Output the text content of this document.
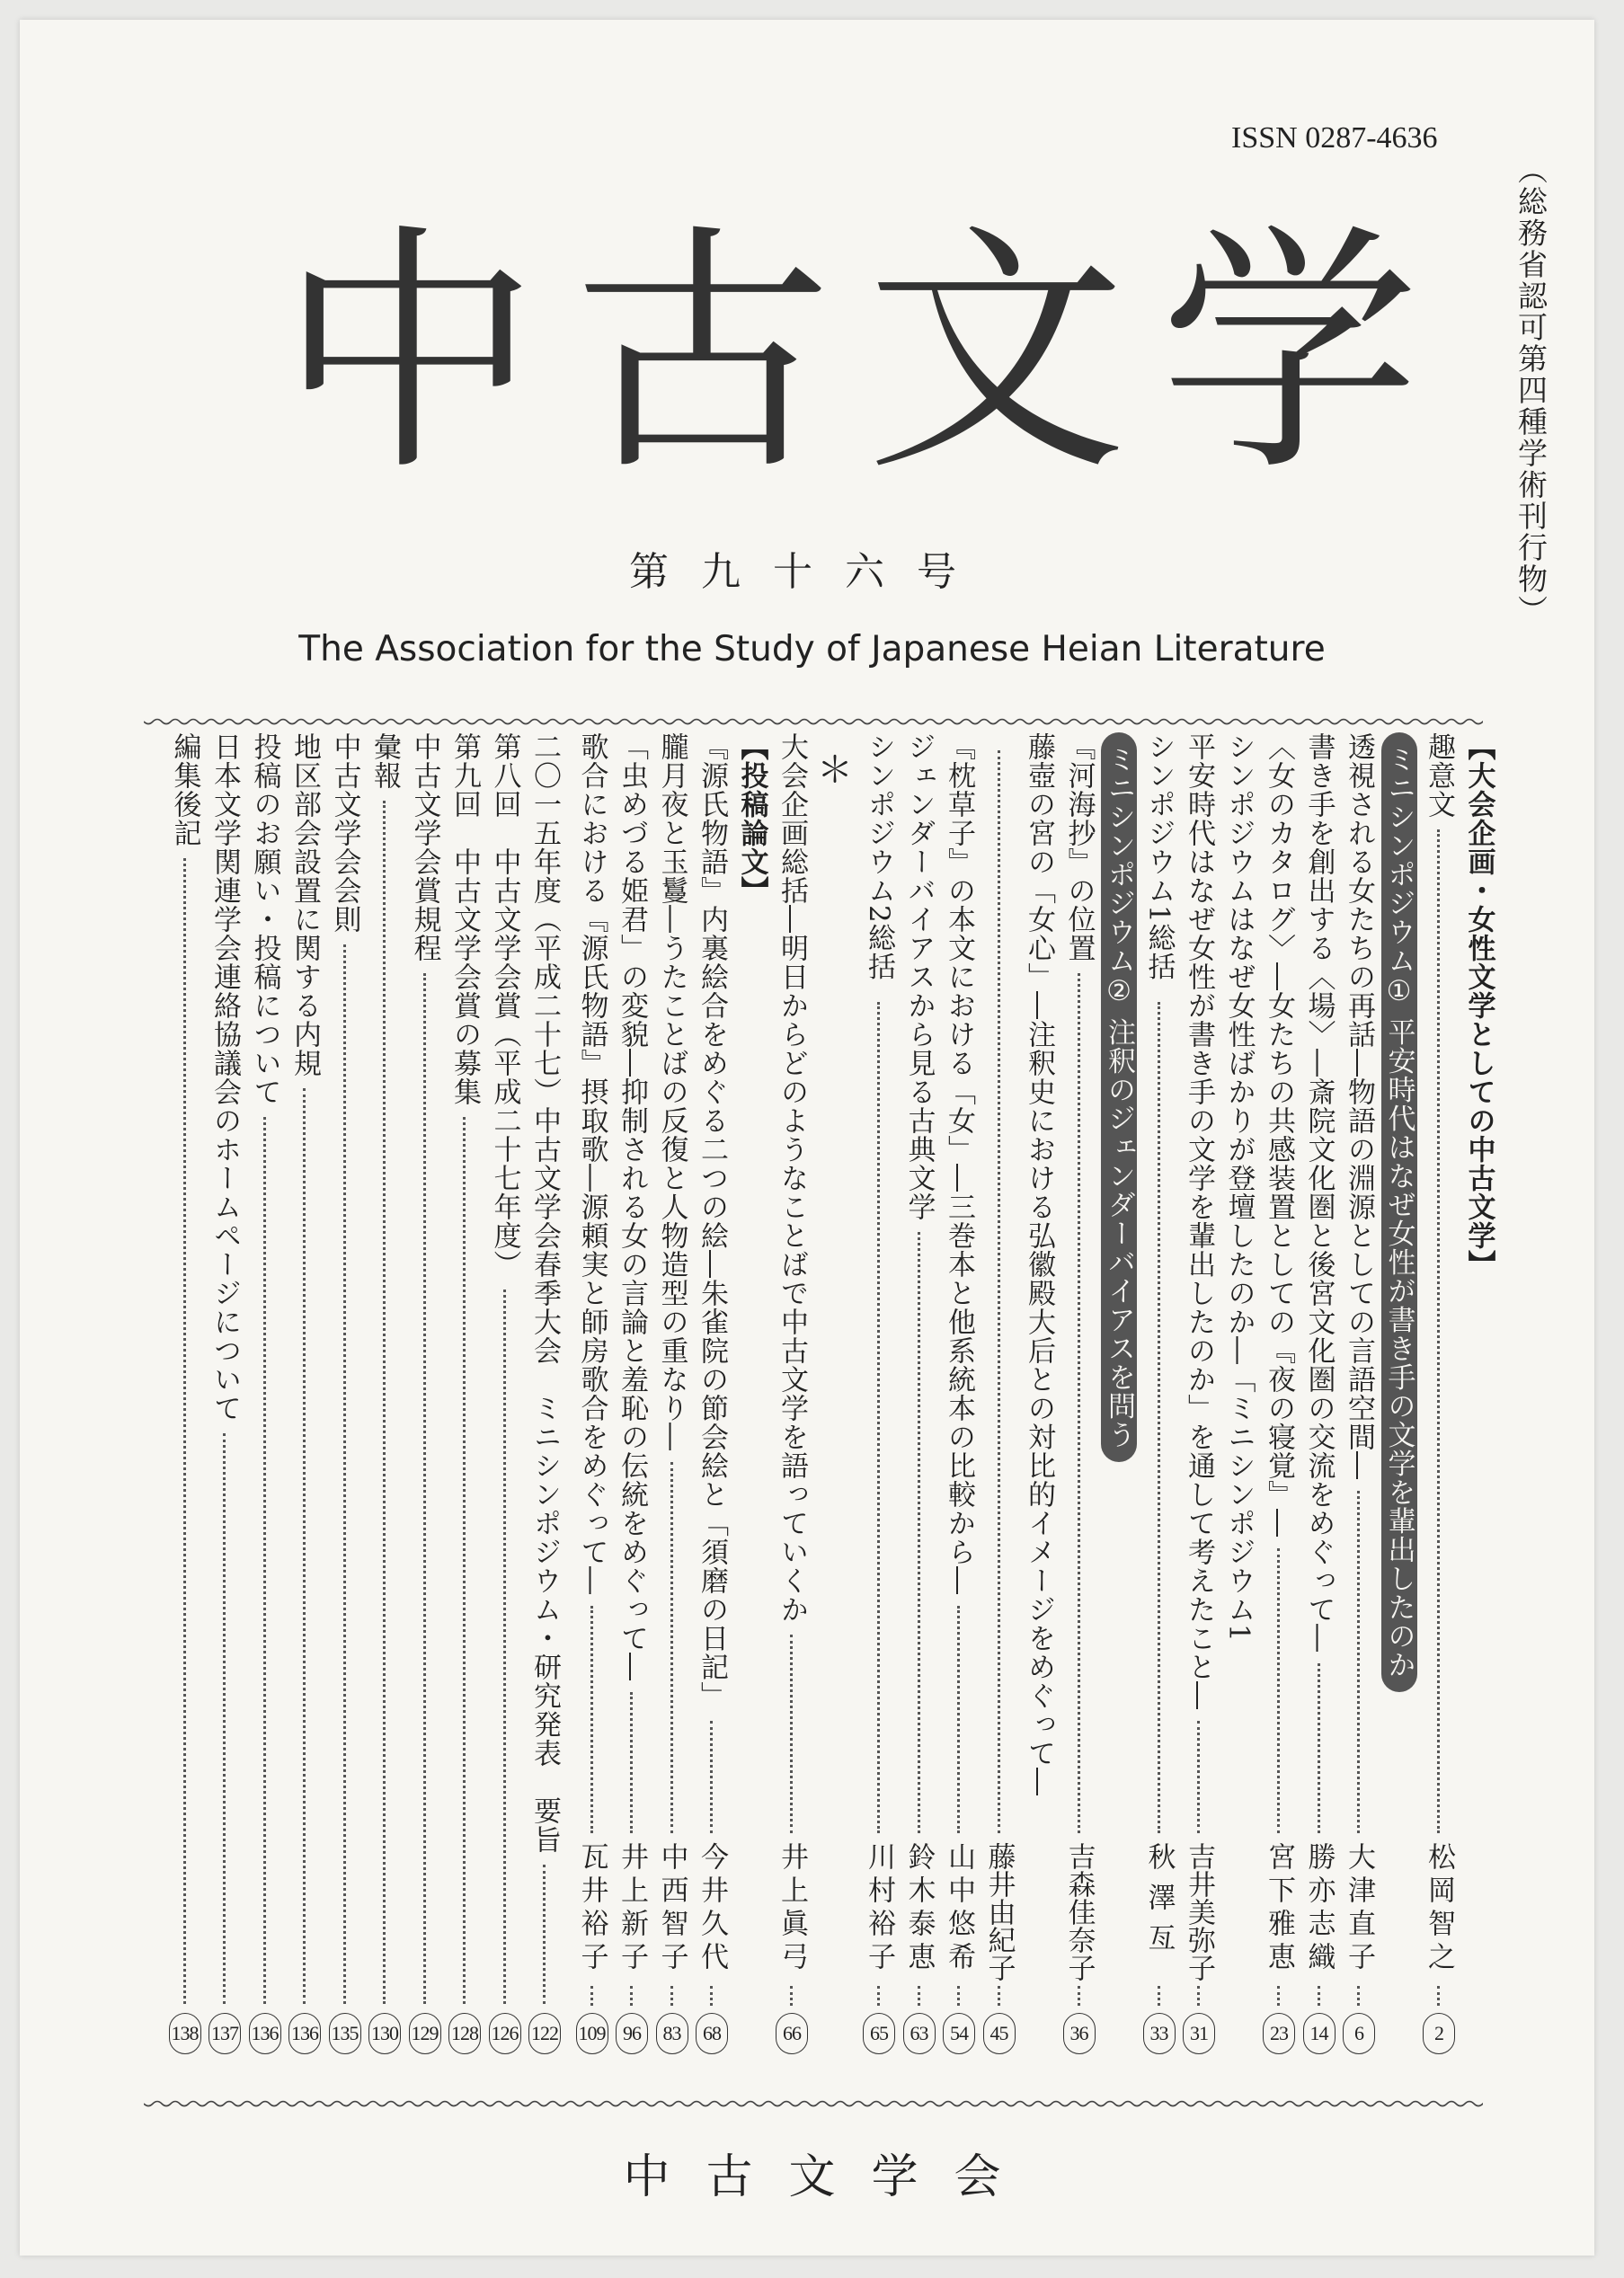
ISSN 0287-4636
（総務省認可第四種学術刊行物）
中 古 文 学
第九十六号
The Association for the Study of Japanese Heian Literature
【大会企画・女性文学としての中古文学】
趣意文
松岡智之
2
ミニシンポジウム① 平安時代はなぜ女性が書き手の文学を輩出したのか
透視される女たちの再話―物語の淵源としての言語空間―
大津直子
6
書き手を創出する〈場〉―斎院文化圏と後宮文化圏の交流をめぐって―
勝亦志織
14
〈女のカタログ〉―女たちの共感装置としての『夜の寝覚』―
宮下雅恵
23
シンポジウムはなぜ女性ばかりが登壇したのか―「ミニシンポジウム1
平安時代はなぜ女性が書き手の文学を輩出したのか」を通して考えたこと―
吉井美弥子
31
シンポジウム1総括
秋澤亙
33
ミニシンポジウム② 注釈のジェンダーバイアスを問う
『河海抄』の位置
吉森佳奈子
36
藤壺の宮の「女心」―注釈史における弘徽殿大后との対比的イメージをめぐって―
藤井由紀子
45
『枕草子』の本文における「女」―三巻本と他系統本の比較から―
山中悠希
54
ジェンダーバイアスから見る古典文学
鈴木泰恵
63
シンポジウム2総括
川村裕子
65
＊
大会企画総括―明日からどのようなことばで中古文学を語っていくか
井上眞弓
66
【投稿論文】
『源氏物語』内裏絵合をめぐる二つの絵―朱雀院の節会絵と「須磨の日記」
今井久代
68
朧月夜と玉鬘―うたことばの反復と人物造型の重なり―
中西智子
83
「虫めづる姫君」の変貌―抑制される女の言論と羞恥の伝統をめぐって―
井上新子
96
歌合における『源氏物語』摂取歌―源頼実と師房歌合をめぐって―
瓦井裕子
109
二〇一五年度（平成二十七）中古文学会春季大会　ミニシンポジウム・研究発表　要旨
122
第八回　中古文学会賞（平成二十七年度）
126
第九回　中古文学会賞の募集
128
中古文学会賞規程
129
彙報
130
中古文学会会則
135
地区部会設置に関する内規
136
投稿のお願い・投稿について
136
日本文学関連学会連絡協議会のホームページについて
137
編集後記
138
中古文学会
